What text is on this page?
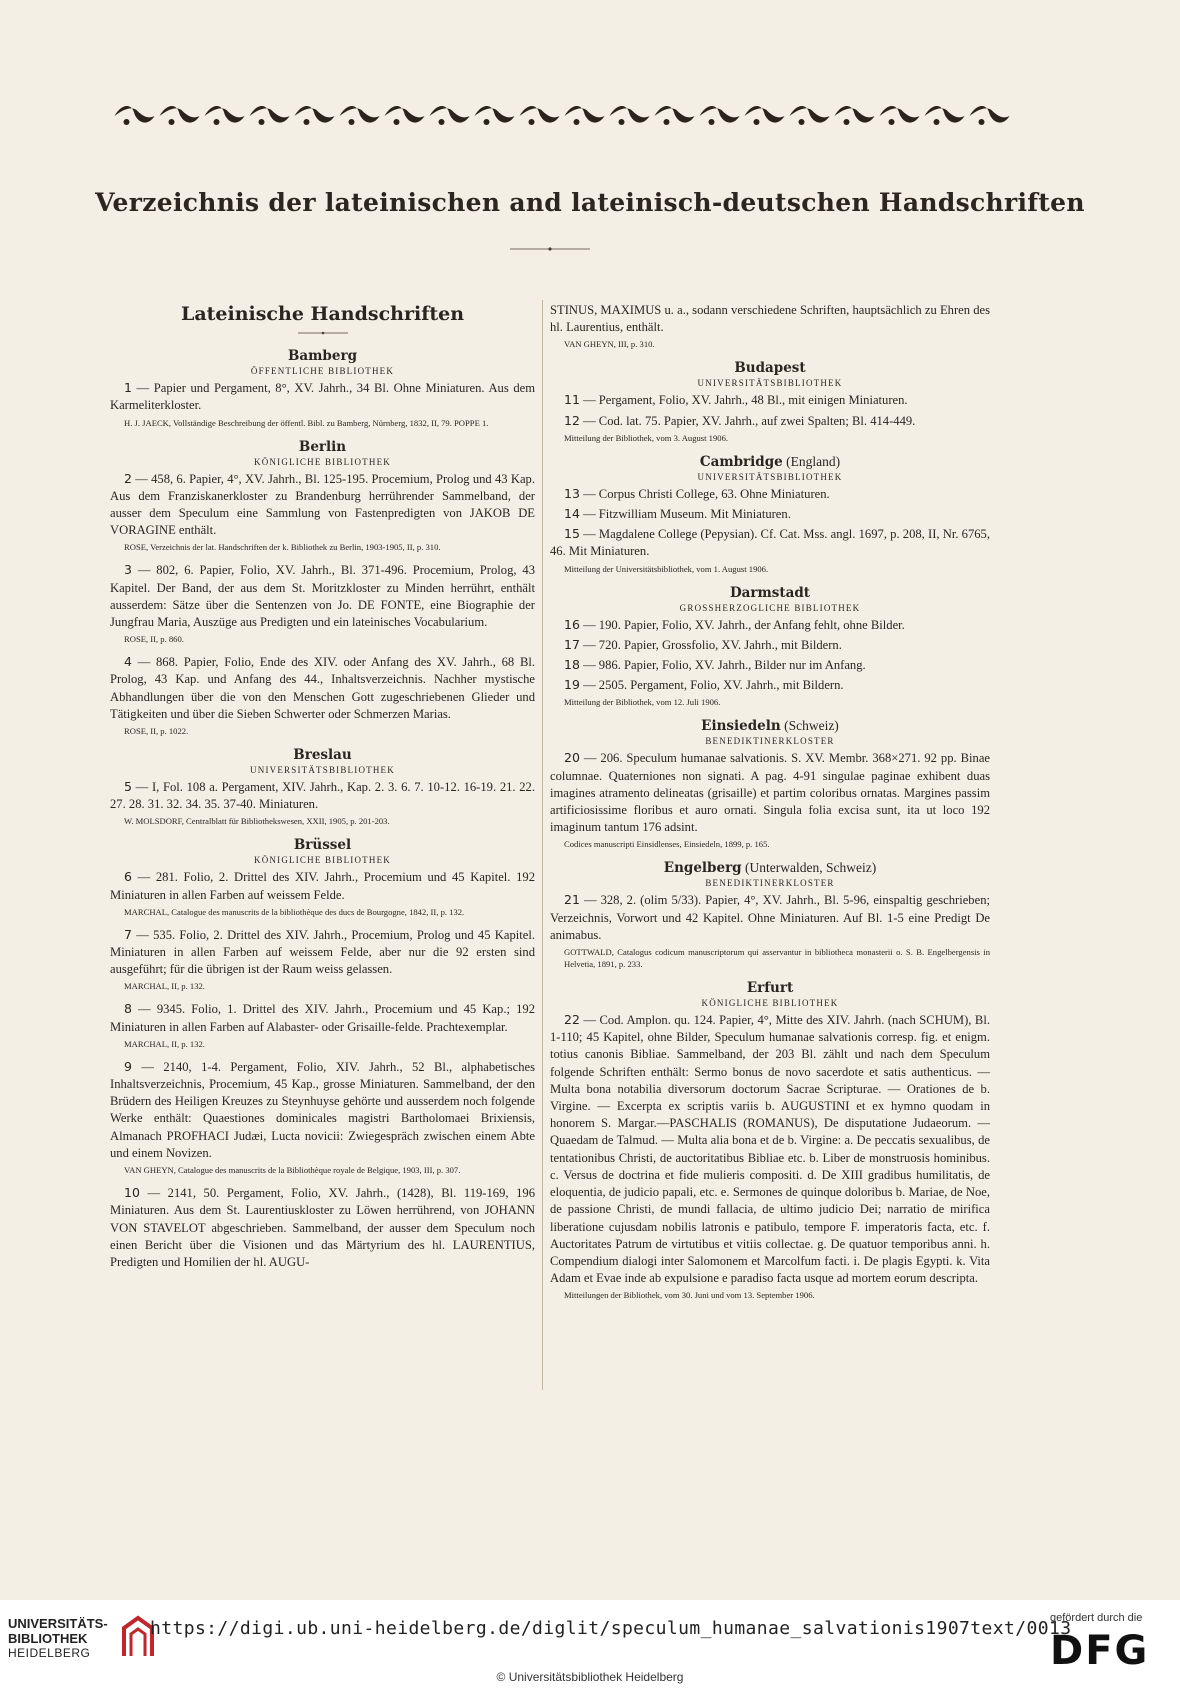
Verzeichnis der lateinischen and lateinisch-deutschen Handschriften
Lateinische Handschriften
Bamberg
ÖFFENTLICHE BIBLIOTHEK

1 — Papier und Pergament, 8°, XV. Jahrh., 34 Bl. Ohne Miniaturen. Aus dem Karmeliterkloster.

H. J. JAECK, Vollständige Beschreibung der öffentl. Bibl. zu Bamberg, Nürnberg, 1832, II, 79. POPPE 1.
Berlin
KÖNIGLICHE BIBLIOTHEK

2 — 458, 6. Papier, 4°, XV. Jahrh., Bl. 125-195. Procemium, Prolog und 43 Kap. Aus dem Franziskanerkloster zu Brandenburg herrührender Sammelband, der ausser dem Speculum eine Sammlung von Fastenpredigten von JAKOB DE VORAGINE enthält.

ROSE, Verzeichnis der lat. Handschriften der k. Bibliothek zu Berlin, 1903-1905, II, p. 310.

3 — 802, 6. Papier, Folio, XV. Jahrh., Bl. 371-496. Procemium, Prolog, 43 Kapitel. Der Band, der aus dem St. Moritzkloster zu Minden herrührt, enthält ausserdem: Sätze über die Sentenzen von Jo. DE FONTE, eine Biographie der Jungfrau Maria, Auszüge aus Predigten und ein lateinisches Vocabularium.

ROSE, II, p. 860.

4 — 868. Papier, Folio, Ende des XIV. oder Anfang des XV. Jahrh., 68 Bl. Prolog, 43 Kap. und Anfang des 44., Inhaltsverzeichnis. Nachher mystische Abhandlungen über die von den Menschen Gott zugeschriebenen Glieder und Tätigkeiten und über die Sieben Schwerter oder Schmerzen Marias.

ROSE, II, p. 1022.
Breslau
UNIVERSITÄTSBIBLIOTHEK

5 — I, Fol. 108 a. Pergament, XIV. Jahrh., Kap. 2. 3. 6. 7. 10-12. 16-19. 21. 22. 27. 28. 31. 32. 34. 35. 37-40. Miniaturen.

W. MOLSDORF, Centralblatt für Bibliothekswesen, XXII, 1905, p. 201-203.
Brüssel
KÖNIGLICHE BIBLIOTHEK

6 — 281. Folio, 2. Drittel des XIV. Jahrh., Procemium und 45 Kapitel. 192 Miniaturen in allen Farben auf weissem Felde.

MARCHAL, Catalogue des manuscrits de la bibliothèque des ducs de Bourgogne, 1842, II, p. 132.

7 — 535. Folio, 2. Drittel des XIV. Jahrh., Procemium, Prolog und 45 Kapitel. Miniaturen in allen Farben auf weissem Felde, aber nur die 92 ersten sind ausgeführt; für die übrigen ist der Raum weiss gelassen.

MARCHAL, II, p. 132.

8 — 9345. Folio, 1. Drittel des XIV. Jahrh., Procemium und 45 Kap.; 192 Miniaturen in allen Farben auf Alabaster- oder Grisaille-felde. Prachtexemplar.

MARCHAL, II, p. 132.

9 — 2140, 1-4. Pergament, Folio, XIV. Jahrh., 52 Bl., alphabetisches Inhaltsverzeichnis, Procemium, 45 Kap., grosse Miniaturen. Sammelband, der den Brüdern des Heiligen Kreuzes zu Steynhuyse gehörte und ausserdem noch folgende Werke enthält: Quaestiones dominicales magistri Bartholomaei Brixiensis, Almanach PROFHACI Judæi, Lucta novicii: Zwiegespräch zwischen einem Abte und einem Novizen.

VAN GHEYN, Catalogue des manuscrits de la Bibliothèque royale de Belgique, 1903, III, p. 307.

10 — 2141, 50. Pergament, Folio, XV. Jahrh., (1428), Bl. 119-169, 196 Miniaturen. Aus dem St. Laurentiuskloster zu Löwen herrührend, von JOHANN VON STAVELOT abgeschrieben. Sammelband, der ausser dem Speculum noch einen Bericht über die Visionen und das Märtyrium des hl. LAURENTIUS, Predigten und Homilien der hl. AUGU-

STINUS, MAXIMUS u. a., sodann verschiedene Schriften, hauptsächlich zu Ehren des hl. Laurentius, enthält.

VAN GHEYN, III, p. 310.
Budapest
UNIVERSITÄTSBIBLIOTHEK

11 — Pergament, Folio, XV. Jahrh., 48 Bl., mit einigen Miniaturen.

12 — Cod. lat. 75. Papier, XV. Jahrh., auf zwei Spalten; Bl. 414-449.

Mitteilung der Bibliothek, vom 3. August 1906.
Cambridge (England)
UNIVERSITÄTSBIBLIOTHEK

13 — Corpus Christi College, 63. Ohne Miniaturen.

14 — Fitzwilliam Museum. Mit Miniaturen.

15 — Magdalene College (Pepysian). Cf. Cat. Mss. angl. 1697, p. 208, II, Nr. 6765, 46. Mit Miniaturen.

Mitteilung der Universitätsbibliothek, vom 1. August 1906.
Darmstadt
GROSSHERZOGLICHE BIBLIOTHEK

16 — 190. Papier, Folio, XV. Jahrh., der Anfang fehlt, ohne Bilder.

17 — 720. Papier, Grossfolio, XV. Jahrh., mit Bildern.

18 — 986. Papier, Folio, XV. Jahrh., Bilder nur im Anfang.

19 — 2505. Pergament, Folio, XV. Jahrh., mit Bildern.

Mitteilung der Bibliothek, vom 12. Juli 1906.
Einsiedeln (Schweiz)
BENEDIKTINERKLOSTER

20 — 206. Speculum humanae salvationis. S. XV. Membr. 368×271. 92 pp. Binae columnae. Quaterniones non signati. A pag. 4-91 singulae paginae exhibent duas imagines atramento delineatas (grisaille) et partim coloribus ornatas. Margines passim artificiosissime floribus et auro ornati. Singula folia excisa sunt, ita ut loco 192 imaginum tantum 176 adsint.

Codices manuscripti Einsidlenses, Einsiedeln, 1899, p. 165.
Engelberg (Unterwalden, Schweiz)
BENEDIKTINERKLOSTER

21 — 328, 2. (olim 5/33). Papier, 4°, XV. Jahrh., Bl. 5-96, einspaltig geschrieben; Verzeichnis, Vorwort und 42 Kapitel. Ohne Miniaturen. Auf Bl. 1-5 eine Predigt De animabus.

GOTTWALD, Catalogus codicum manuscriptorum qui asservantur in bibliotheca monasterii o. S. B. Engelbergensis in Helvetia, 1891, p. 233.
Erfurt
KÖNIGLICHE BIBLIOTHEK

22 — Cod. Amplon. qu. 124. Papier, 4°, Mitte des XIV. Jahrh. (nach SCHUM), Bl. 1-110; 45 Kapitel, ohne Bilder, Speculum humanae salvationis corresp. fig. et enigm. totius canonis Bibliae. Sammelband, der 203 Bl. zählt und nach dem Speculum folgende Schriften enthält: Sermo bonus de novo sacerdote et satis authenticus. — Multa bona notabilia diversorum doctorum Sacrae Scripturae. — Orationes de b. Virgine. — Excerpta ex scriptis variis b. AUGUSTINI et ex hymno quodam in honorem S. Margar.—PASCHALIS (ROMANUS), De disputatione Judaeorum. — Quaedam de Talmud. — Multa alia bona et de b. Virgine: a. De peccatis sexualibus, de tentationibus Christi, de auctoritatibus Bibliae etc. b. Liber de monstruosis hominibus. c. Versus de doctrina et fide mulieris compositi. d. De XIII gradibus humilitatis, de eloquentia, de judicio papali, etc. e. Sermones de quinque doloribus b. Mariae, de Noe, de passione Christi, de mundi fallacia, de ultimo judicio Dei; narratio de mirifica liberatione cujusdam nobilis latronis e patibulo, tempore F. imperatoris facta, etc. f. Auctoritates Patrum de virtutibus et vitiis collectae. g. De quatuor temporibus anni. h. Compendium dialogi inter Salomonem et Marcolfum facti. i. De plagis Egypti. k. Vita Adam et Evae inde ab expulsione e paradiso facta usque ad mortem eorum descripta.

Mitteilungen der Bibliothek, vom 30. Juni und vom 13. September 1906.
UNIVERSITÄTS-
BIBLIOTHEK
HEIDELBERG
https://digi.ub.uni-heidelberg.de/diglit/speculum_humanae_salvationis1907text/0013
© Universitätsbibliothek Heidelberg
gefördert durch die
DFG
